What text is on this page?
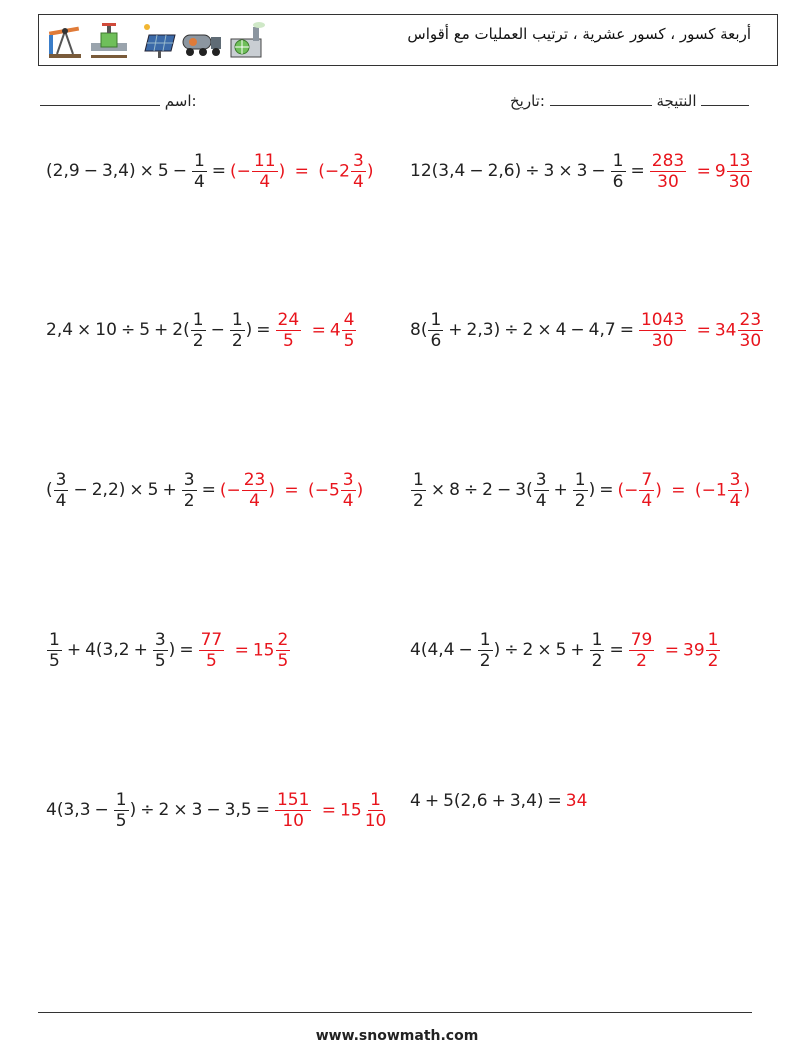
أربعة كسور ، كسور عشرية ، ترتيب العمليات مع أقواس
اسم:	النتيجة  :تاريخ
12 ( 3,4 − 2,6 ) ÷ $3 \times 3 - \frac{1}{6} = \frac{283}{30} = 9 \frac{13}{30}$
( 2,9 − 3,4 ) × $5 - \frac{1}{4}$ = (− $\frac{11}{4}$ ) = ($-2 \frac{3}{4}$ )
8 ( $\frac{1}{6} + 2,3$ ) ÷ $2 \times 4 - 4,7 = \frac{1043}{30} = 34 \frac{23}{30}$
2,4 × 10 ÷ 5 + 2 ( $\frac{1}{2} - \frac{1}{2}$ ) = $\frac{24}{5} = 4 \frac{4}{5}$
$\frac{1}{2} \times 8 \div 2 - 3$ ( $\frac{3}{4} + \frac{1}{2}$ ) = (− $\frac{7}{4}$ ) = ($-1 \frac{3}{4}$ )
( $\frac{3}{4} - 2,2$ ) × $5 + \frac{3}{2}$ = (− $\frac{23}{4}$ ) = ($-5 \frac{3}{4}$ )
4 ( $4,4 - \frac{1}{2}$ ) ÷ $2 \times 5 + \frac{1}{2} = \frac{79}{2} = 39 \frac{1}{2}$
$\frac{1}{5} + 4$ ( $3,2 + \frac{3}{5}$ ) = $\frac{77}{5} = 15 \frac{2}{5}$
4 + 5 ( 2,6 + 3,4 ) = 34
4 ( $3,3 - \frac{1}{5}$ ) ÷ $2 \times 3 - 3,5 = \frac{151}{10} = 15 \frac{1}{10}$
www.snowmath.com
